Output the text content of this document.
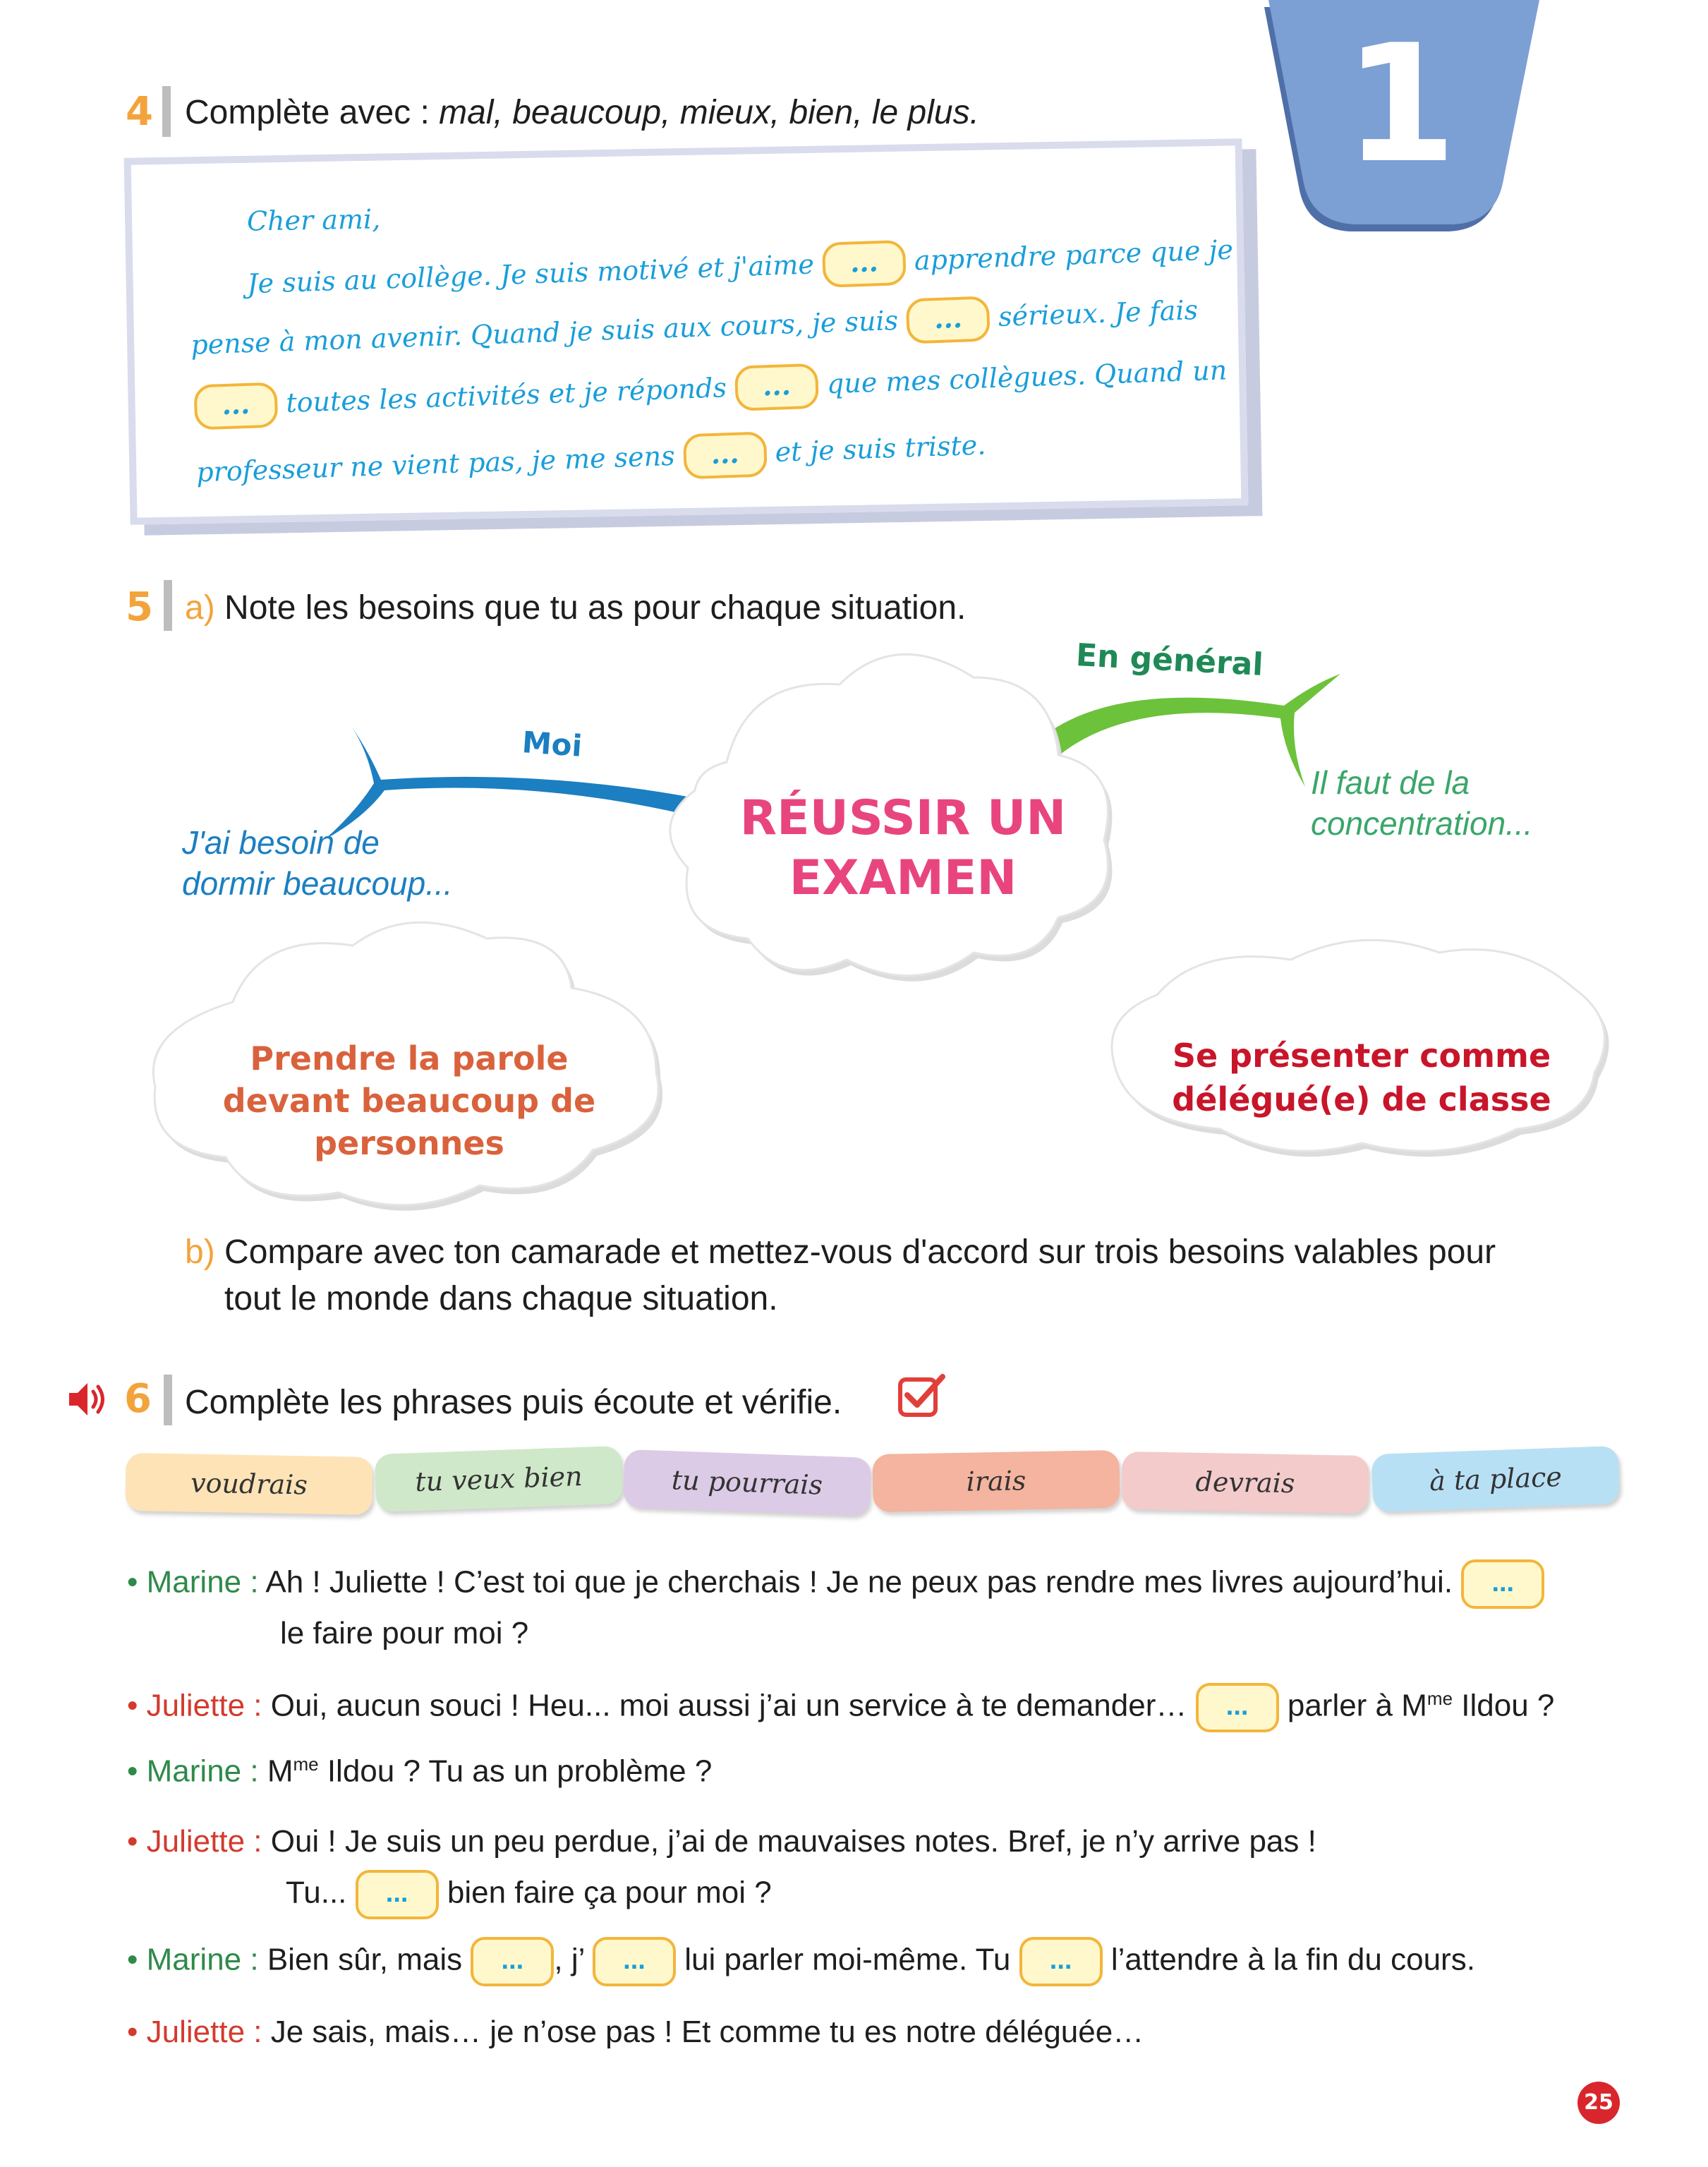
1
4 Complète avec : mal, beaucoup, mieux, bien, le plus.
Cher ami,
Je suis au collège. Je suis motivé et j'aime ... apprendre parce que je
pense à mon avenir. Quand je suis aux cours, je suis ... sérieux. Je fais
... toutes les activités et je réponds ... que mes collègues. Quand un
professeur ne vient pas, je me sens ... et je suis triste.
5 a) Note les besoins que tu as pour chaque situation.
RÉUSSIR UN
EXAMEN
Moi
En général
J'ai besoin de
dormir beaucoup...
Il faut de la
concentration...
Prendre la parole
devant beaucoup de
personnes
Se présenter comme
délégué(e) de classe
b) Compare avec ton camarade et mettez-vous d'accord sur trois besoins valables pour
tout le monde dans chaque situation.
6 Complète les phrases puis écoute et vérifie.
voudrais	tu veux bien	tu pourrais	irais	devrais	à ta place
• Marine : Ah ! Juliette ! C’est toi que je cherchais ! Je ne peux pas rendre mes livres aujourd’hui. ...
le faire pour moi ?
• Juliette : Oui, aucun souci ! Heu... moi aussi j’ai un service à te demander… ... parler à $M^{me}$ Ildou ?
• Marine : $M^{me}$ Ildou ? Tu as un problème ?
• Juliette : Oui ! Je suis un peu perdue, j’ai de mauvaises notes. Bref, je n’y arrive pas !
Tu... ... bien faire ça pour moi ?
• Marine : Bien sûr, mais ... , j’ ... lui parler moi-même. Tu ... l’attendre à la fin du cours.
• Juliette : Je sais, mais… je n’ose pas ! Et comme tu es notre déléguée…
25
